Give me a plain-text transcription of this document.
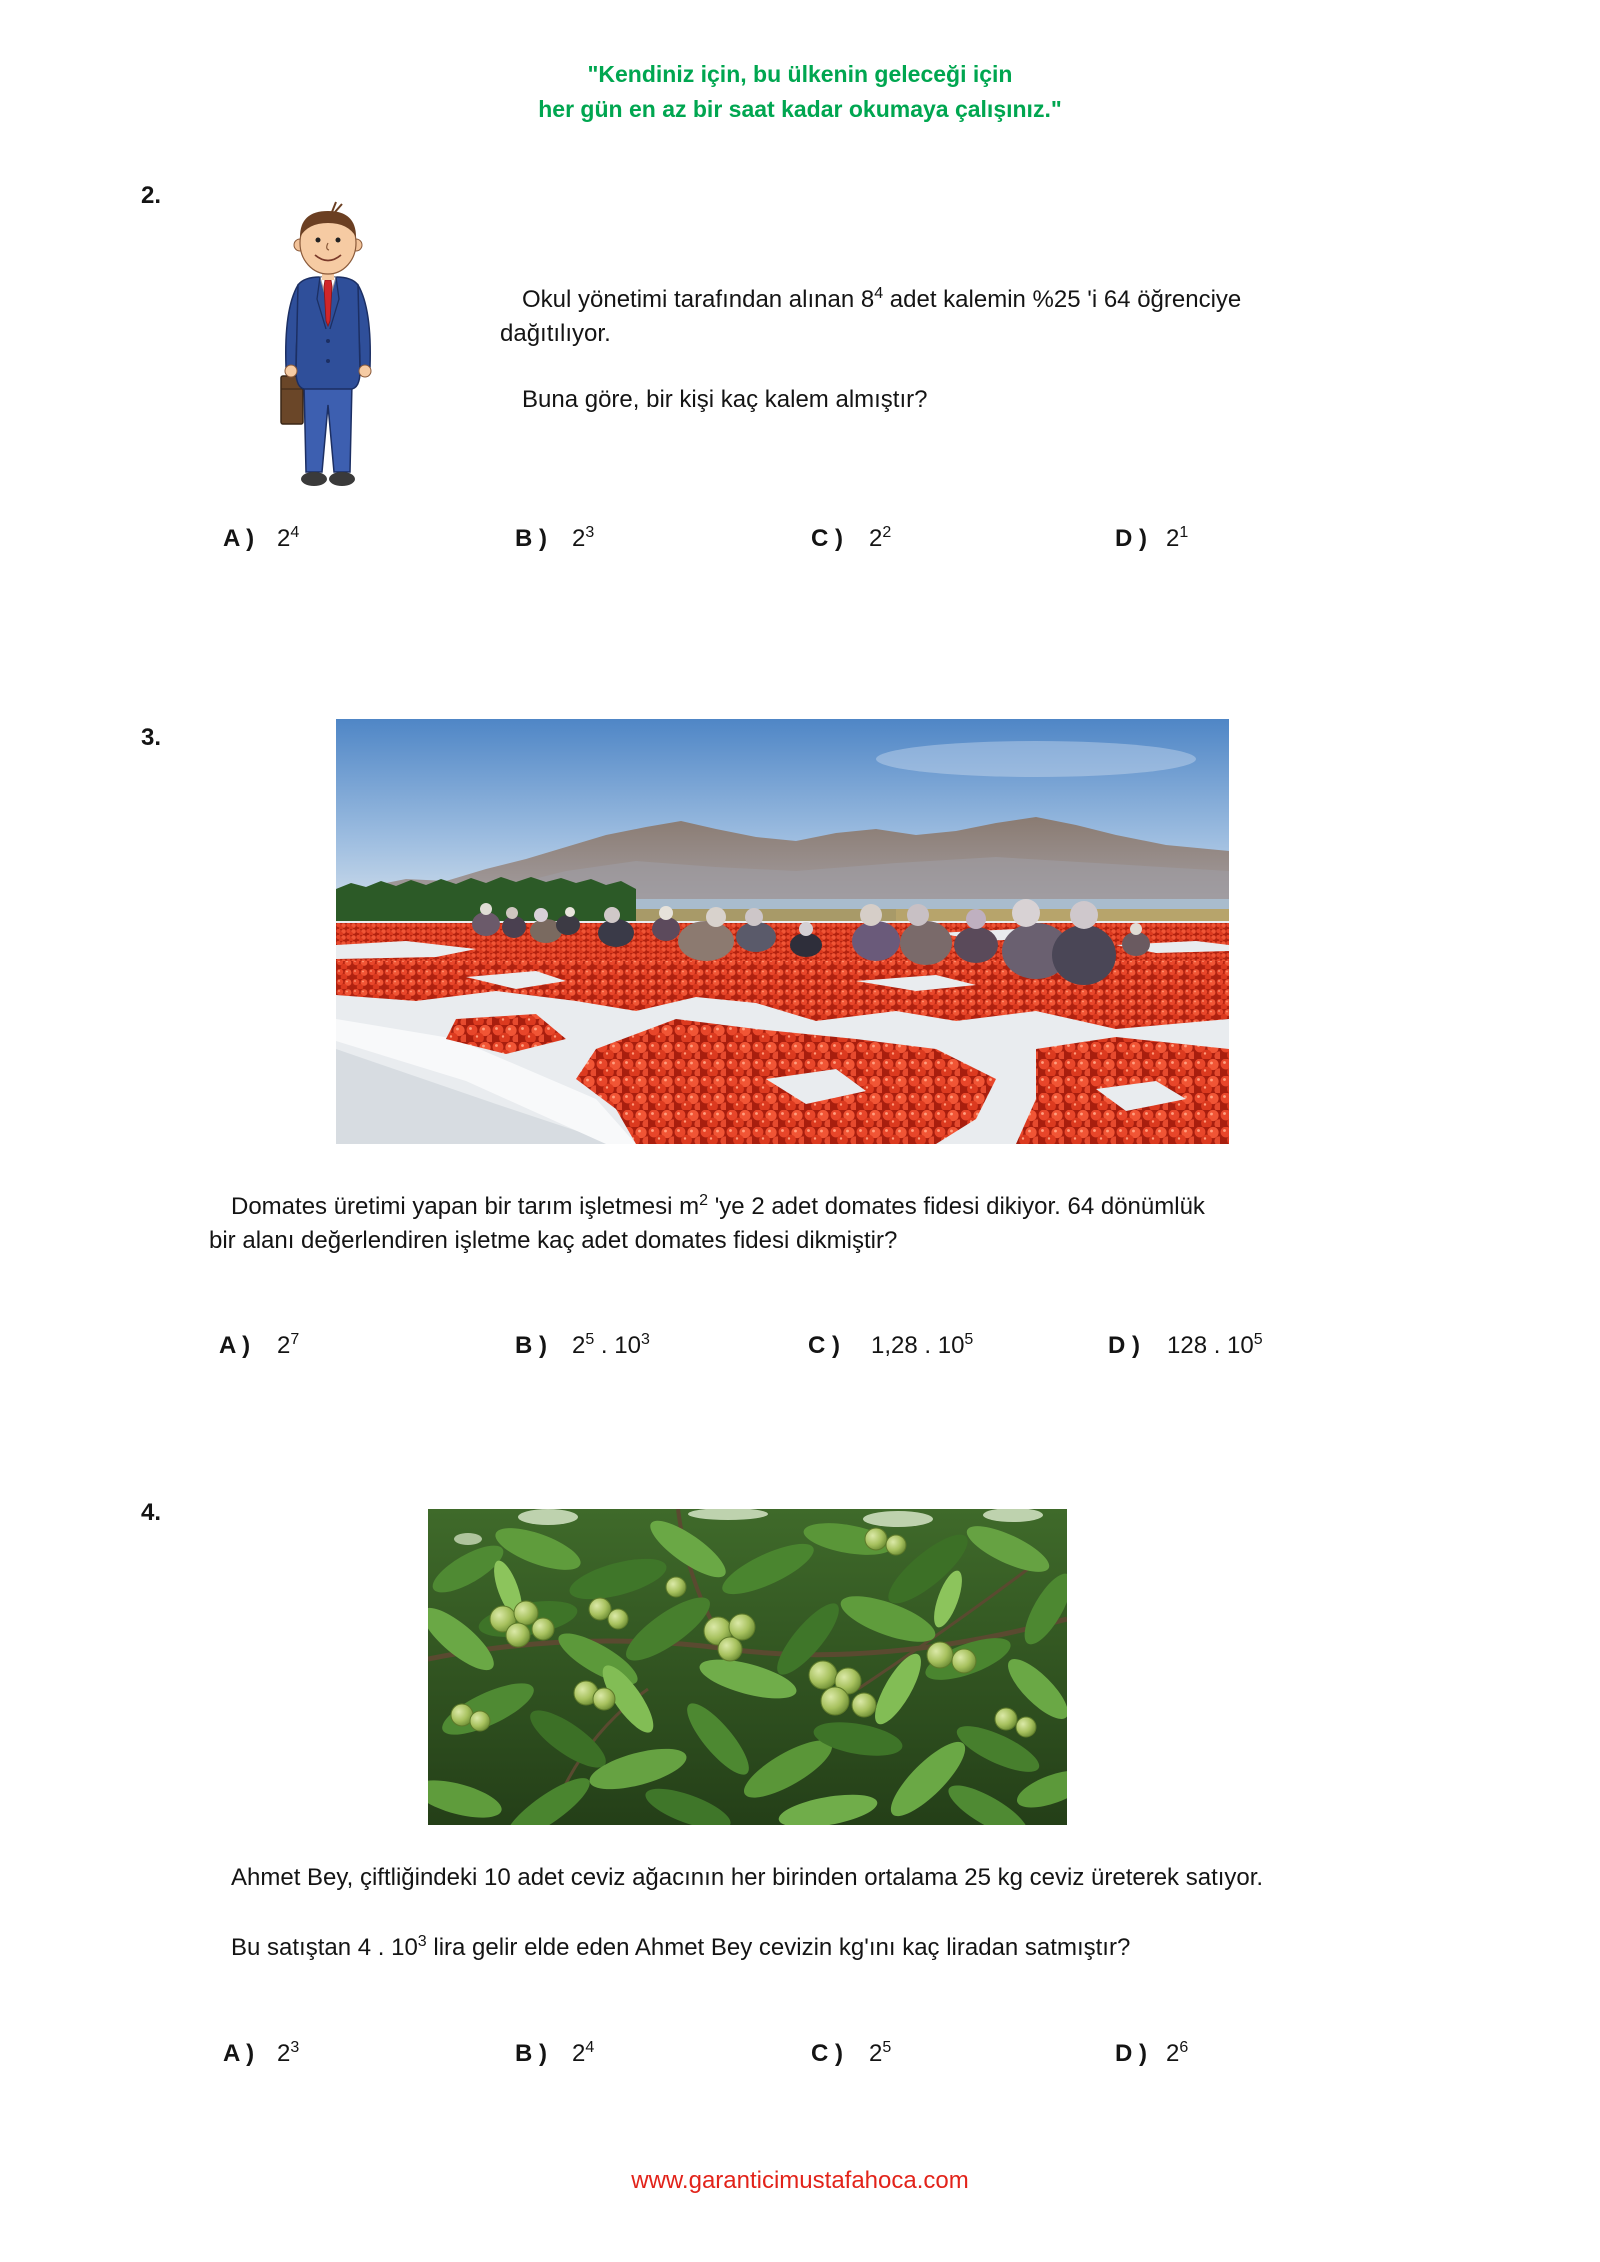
"Kendiniz için, bu ülkenin geleceği için
her gün en az bir saat kadar okumaya çalışınız."
2.
Okul yönetimi tarafından alınan $8^4$ adet kalemin %25 'i 64 öğrenciye
dağıtılıyor.
Buna göre, bir kişi kaç kalem almıştır?
A ) $2^4$	B ) $2^3$	C ) $2^2$	D ) $2^1$
3.
Domates üretimi yapan bir tarım işletmesi $m^2$ 'ye 2 adet domates fidesi dikiyor. 64 dönümlük
bir alanı değerlendiren işletme kaç adet domates fidesi dikmiştir?
A ) $2^7$	B ) $2^5$ . $10^3$	C ) 1,28 . $10^5$	D ) 128 . $10^5$
4.
Ahmet Bey, çiftliğindeki 10 adet ceviz ağacının her birinden ortalama 25 kg ceviz üreterek satıyor.
Bu satıştan 4 . $10^3$ lira gelir elde eden Ahmet Bey cevizin kg'ını kaç liradan satmıştır?
A ) $2^3$	B ) $2^4$	C ) $2^5$	D ) $2^6$
www.garanticimustafahoca.com
